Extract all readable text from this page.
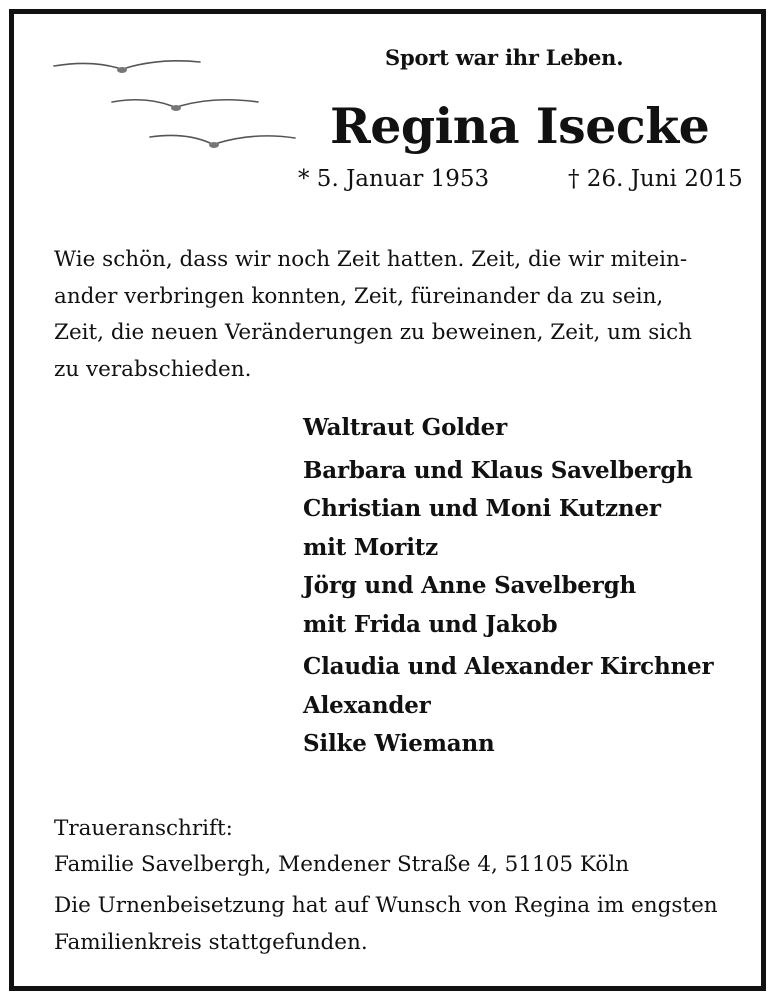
Sport war ihr Leben.
Regina Isecke
* 5. Januar 1953	† 26. Juni 2015

Wie schön, dass wir noch Zeit hatten. Zeit, die wir mitein-

ander verbringen konnten, Zeit, füreinander da zu sein,

Zeit, die neuen Veränderungen zu beweinen, Zeit, um sich

zu verabschieden.

Waltraut Golder
Barbara und Klaus Savelbergh
Christian und Moni Kutzner
mit Moritz
Jörg und Anne Savelbergh
mit Frida und Jakob
Claudia und Alexander Kirchner
Alexander
Silke Wiemann
Traueranschrift:
Familie Savelbergh, Mendener Straße 4, 51105 Köln
Die Urnenbeisetzung hat auf Wunsch von Regina im engsten
Familienkreis stattgefunden.
